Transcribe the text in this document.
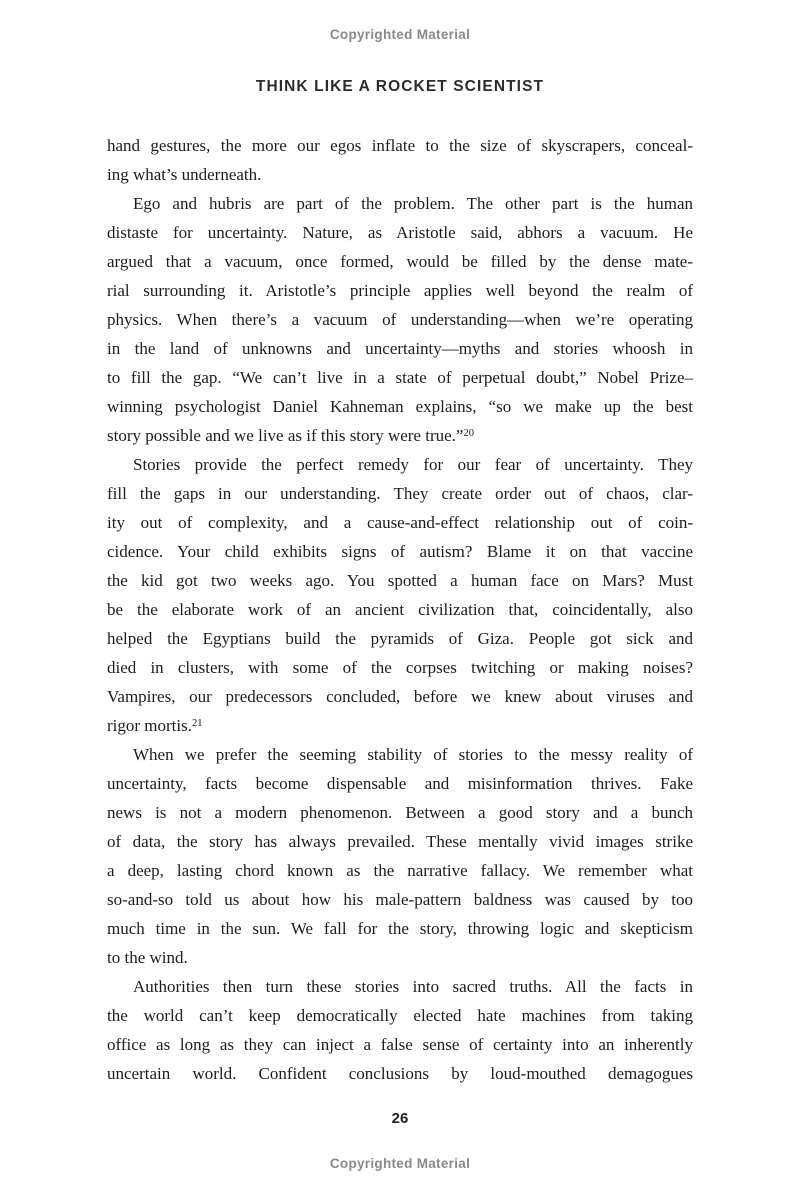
Copyrighted Material
THINK LIKE A ROCKET SCIENTIST
hand gestures, the more our egos inflate to the size of skyscrapers, conceal-
ing what’s underneath.
Ego and hubris are part of the problem. The other part is the human
distaste for uncertainty. Nature, as Aristotle said, abhors a vacuum. He
argued that a vacuum, once formed, would be filled by the dense mate-
rial surrounding it. Aristotle’s principle applies well beyond the realm of
physics. When there’s a vacuum of understanding—when we’re operating
in the land of unknowns and uncertainty—myths and stories whoosh in
to fill the gap. “We can’t live in a state of perpetual doubt,” Nobel Prize–
winning psychologist Daniel Kahneman explains, “so we make up the best
story possible and we live as if this story were true.”$^{20}$
Stories provide the perfect remedy for our fear of uncertainty. They
fill the gaps in our understanding. They create order out of chaos, clar-
ity out of complexity, and a cause-and-effect relationship out of coin-
cidence. Your child exhibits signs of autism? Blame it on that vaccine
the kid got two weeks ago. You spotted a human face on Mars? Must
be the elaborate work of an ancient civilization that, coincidentally, also
helped the Egyptians build the pyramids of Giza. People got sick and
died in clusters, with some of the corpses twitching or making noises?
Vampires, our predecessors concluded, before we knew about viruses and
rigor mortis.$^{21}$
When we prefer the seeming stability of stories to the messy reality of
uncertainty, facts become dispensable and misinformation thrives. Fake
news is not a modern phenomenon. Between a good story and a bunch
of data, the story has always prevailed. These mentally vivid images strike
a deep, lasting chord known as the narrative fallacy. We remember what
so-and-so told us about how his male-pattern baldness was caused by too
much time in the sun. We fall for the story, throwing logic and skepticism
to the wind.
Authorities then turn these stories into sacred truths. All the facts in
the world can’t keep democratically elected hate machines from taking
office as long as they can inject a false sense of certainty into an inherently
uncertain world. Confident conclusions by loud-mouthed demagogues
26
Copyrighted Material
